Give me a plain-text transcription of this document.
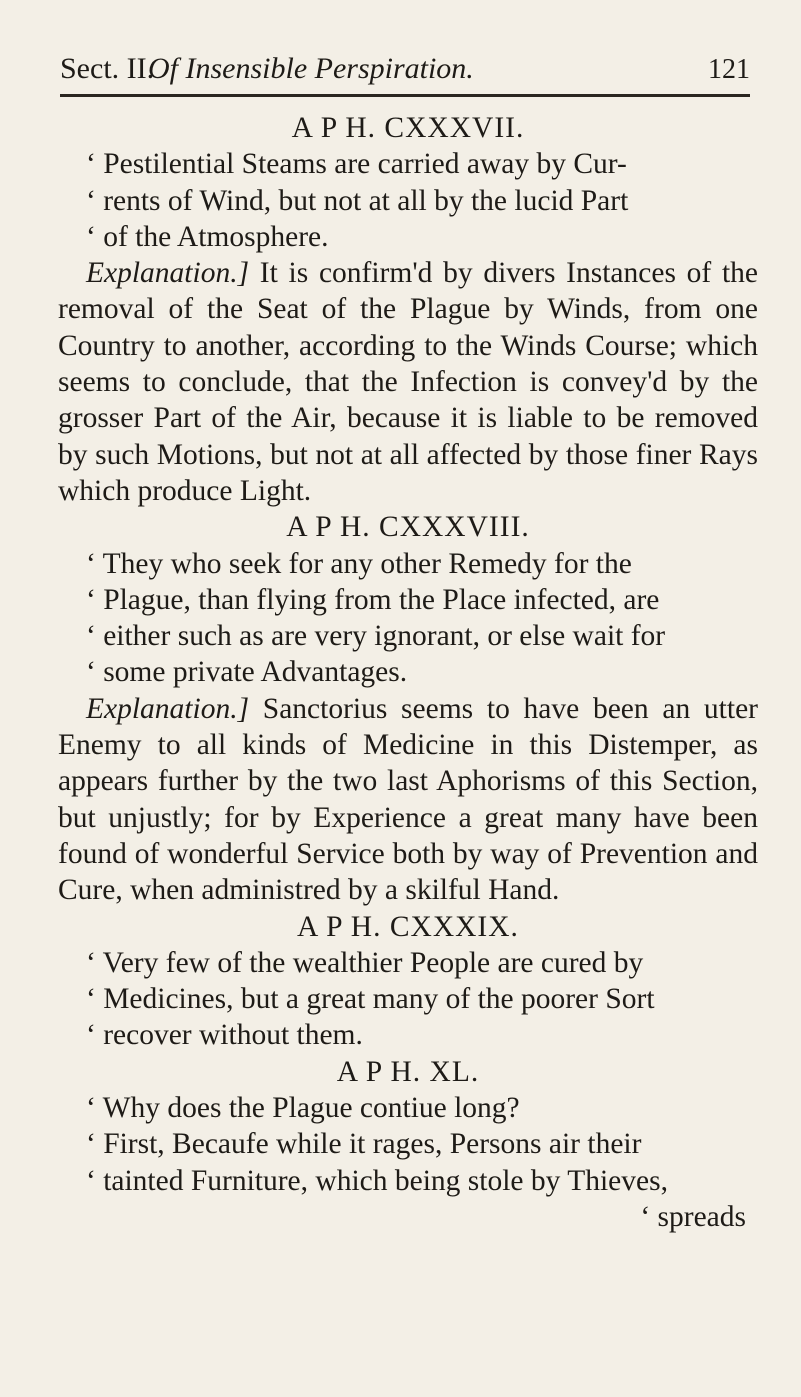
Sect. II.
Of Insensible Perspiration.	121

A P H. CXXXVII.

‘ Pestilential Steams are carried away by Cur-

‘ rents of Wind, but not at all by the lucid Part

‘ of the Atmosphere.

Explanation.] It is confirm'd by divers Instances of the removal of the Seat of the Plague by Winds, from one Country to another, according to the Winds Course; which seems to conclude, that the Infection is convey'd by the grosser Part of the Air, because it is liable to be removed by such Motions, but not at all affected by those finer Rays which produce Light.

A P H. CXXXVIII.

‘ They who seek for any other Remedy for the

‘ Plague, than flying from the Place infected, are

‘ either such as are very ignorant, or else wait for

‘ some private Advantages.

Explanation.] Sanctorius seems to have been an utter Enemy to all kinds of Medicine in this Distemper, as appears further by the two last Aphorisms of this Section, but unjustly; for by Experience a great many have been found of wonderful Service both by way of Prevention and Cure, when administred by a skilful Hand.

A P H. CXXXIX.

‘ Very few of the wealthier People are cured by

‘ Medicines, but a great many of the poorer Sort

‘ recover without them.

A P H. XL.

‘ Why does the Plague contiue long?

‘ First, Becaufe while it rages, Persons air their

‘ tainted Furniture, which being stole by Thieves,

‘ spreads
